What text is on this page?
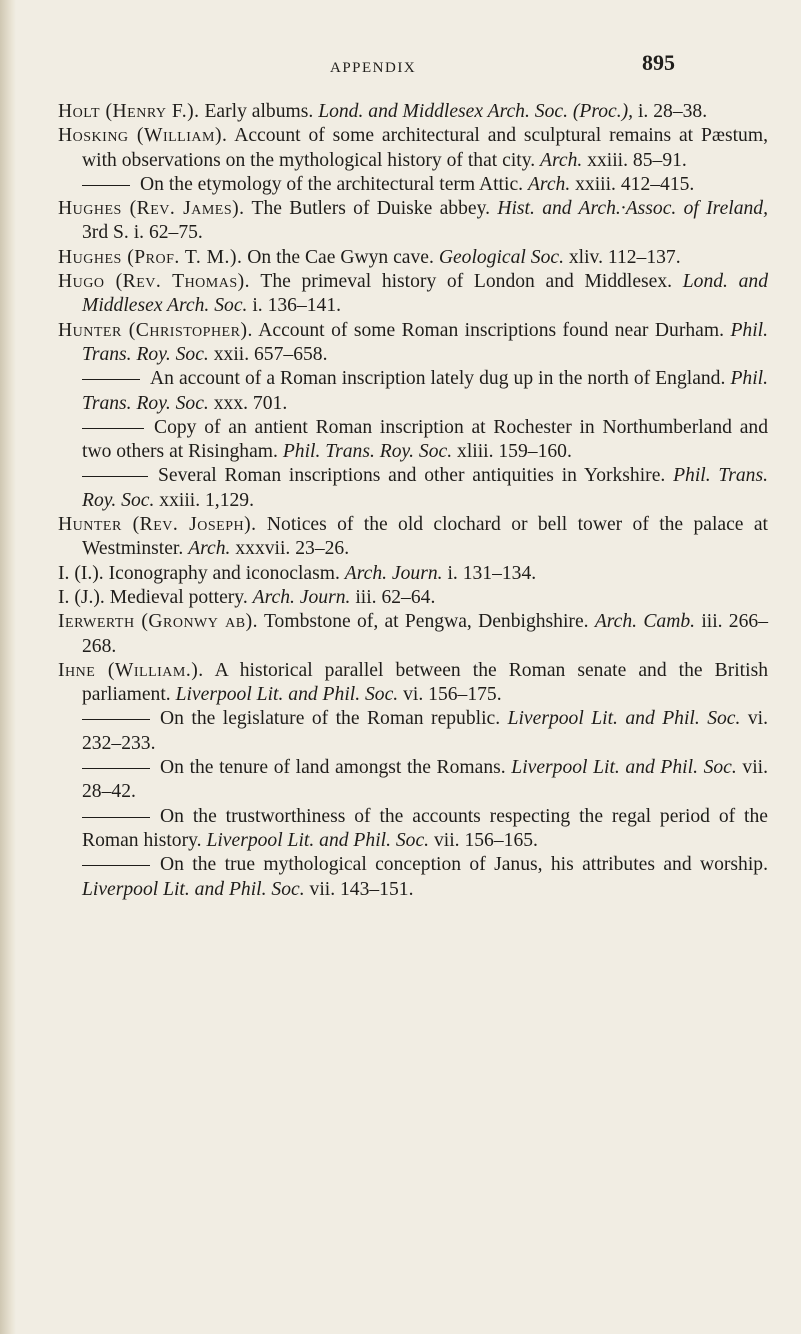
APPENDIX	895

Holt (Henry F.). Early albums. Lond. and Middlesex Arch. Soc. (Proc.), i. 28–38.

Hosking (William). Account of some architectural and sculptural remains at Pæstum, with observations on the mythological history of that city. Arch. xxiii. 85–91.

On the etymology of the architectural term Attic. Arch. xxiii. 412–415.

Hughes (Rev. James). The Butlers of Duiske abbey. Hist. and Arch.·Assoc. of Ireland, 3rd S. i. 62–75.

Hughes (Prof. T. M.). On the Cae Gwyn cave. Geological Soc. xliv. 112–137.

Hugo (Rev. Thomas). The primeval history of London and Middlesex. Lond. and Middlesex Arch. Soc. i. 136–141.

Hunter (Christopher). Account of some Roman inscriptions found near Durham. Phil. Trans. Roy. Soc. xxii. 657–658.

An account of a Roman inscription lately dug up in the north of England. Phil. Trans. Roy. Soc. xxx. 701.

Copy of an antient Roman inscription at Rochester in Northumberland and two others at Risingham. Phil. Trans. Roy. Soc. xliii. 159–160.

Several Roman inscriptions and other antiquities in Yorkshire. Phil. Trans. Roy. Soc. xxiii. 1,129.

Hunter (Rev. Joseph). Notices of the old clochard or bell tower of the palace at Westminster. Arch. xxxvii. 23–26.

I. (I.). Iconography and iconoclasm. Arch. Journ. i. 131–134.

I. (J.). Medieval pottery. Arch. Journ. iii. 62–64.

Ierwerth (Gronwy ab). Tombstone of, at Pengwa, Denbighshire. Arch. Camb. iii. 266–268.

Ihne (William.). A historical parallel between the Roman senate and the British parliament. Liverpool Lit. and Phil. Soc. vi. 156–175.

On the legislature of the Roman republic. Liverpool Lit. and Phil. Soc. vi. 232–233.

On the tenure of land amongst the Romans. Liverpool Lit. and Phil. Soc. vii. 28–42.

On the trustworthiness of the accounts respecting the regal period of the Roman history. Liverpool Lit. and Phil. Soc. vii. 156–165.

On the true mythological conception of Janus, his attributes and worship. Liverpool Lit. and Phil. Soc. vii. 143–151.
